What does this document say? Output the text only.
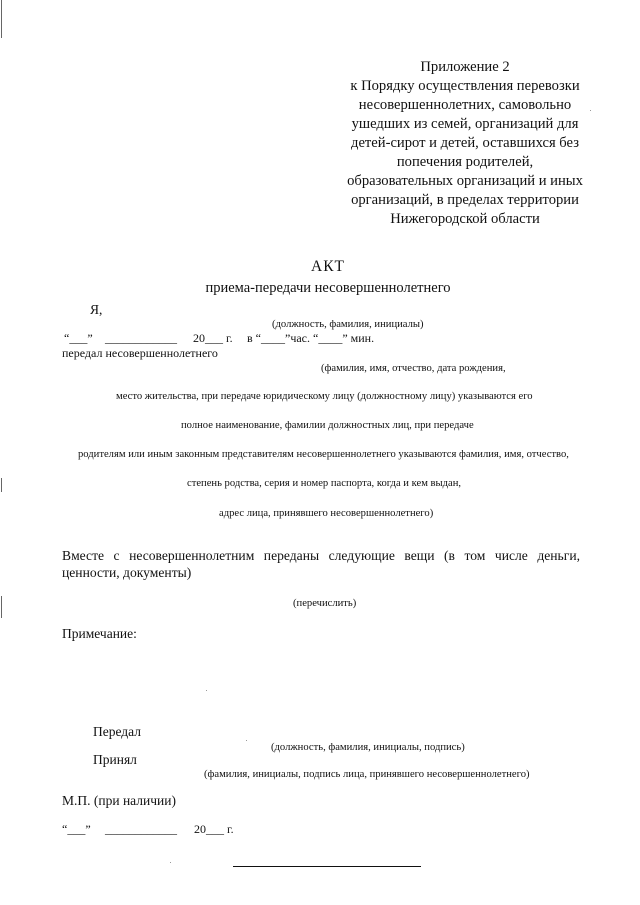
Приложение 2
к Порядку осуществления перевозки
несовершеннолетних, самовольно
ушедших из семей, организаций для
детей-сирот и детей, оставшихся без
попечения родителей,
образовательных организаций и иных
организаций, в пределах территории
Нижегородской области
АКТ
приема-передачи несовершеннолетнего
Я,
(должность, фамилия, инициалы)
“___” ____________ 20___ г. в “____”час. “____” мин.
передал несовершеннолетнего
(фамилия, имя, отчество, дата рождения,
место жительства, при передаче юридическому лицу (должностному лицу) указываются его
полное наименование, фамилии должностных лиц, при передаче
родителям или иным законным представителям несовершеннолетнего указываются фамилия, имя, отчество,
степень родства, серия и номер паспорта, когда и кем выдан,
адрес лица, принявшего несовершеннолетнего)
Вместе с несовершеннолетним переданы следующие вещи (в том числе деньги, ценности, документы)
(перечислить)
Примечание:
Передал
(должность, фамилия, инициалы, подпись)
Принял
(фамилия, инициалы, подпись лица, принявшего несовершеннолетнего)
М.П. (при наличии)
“___” ____________ 20___ г.
